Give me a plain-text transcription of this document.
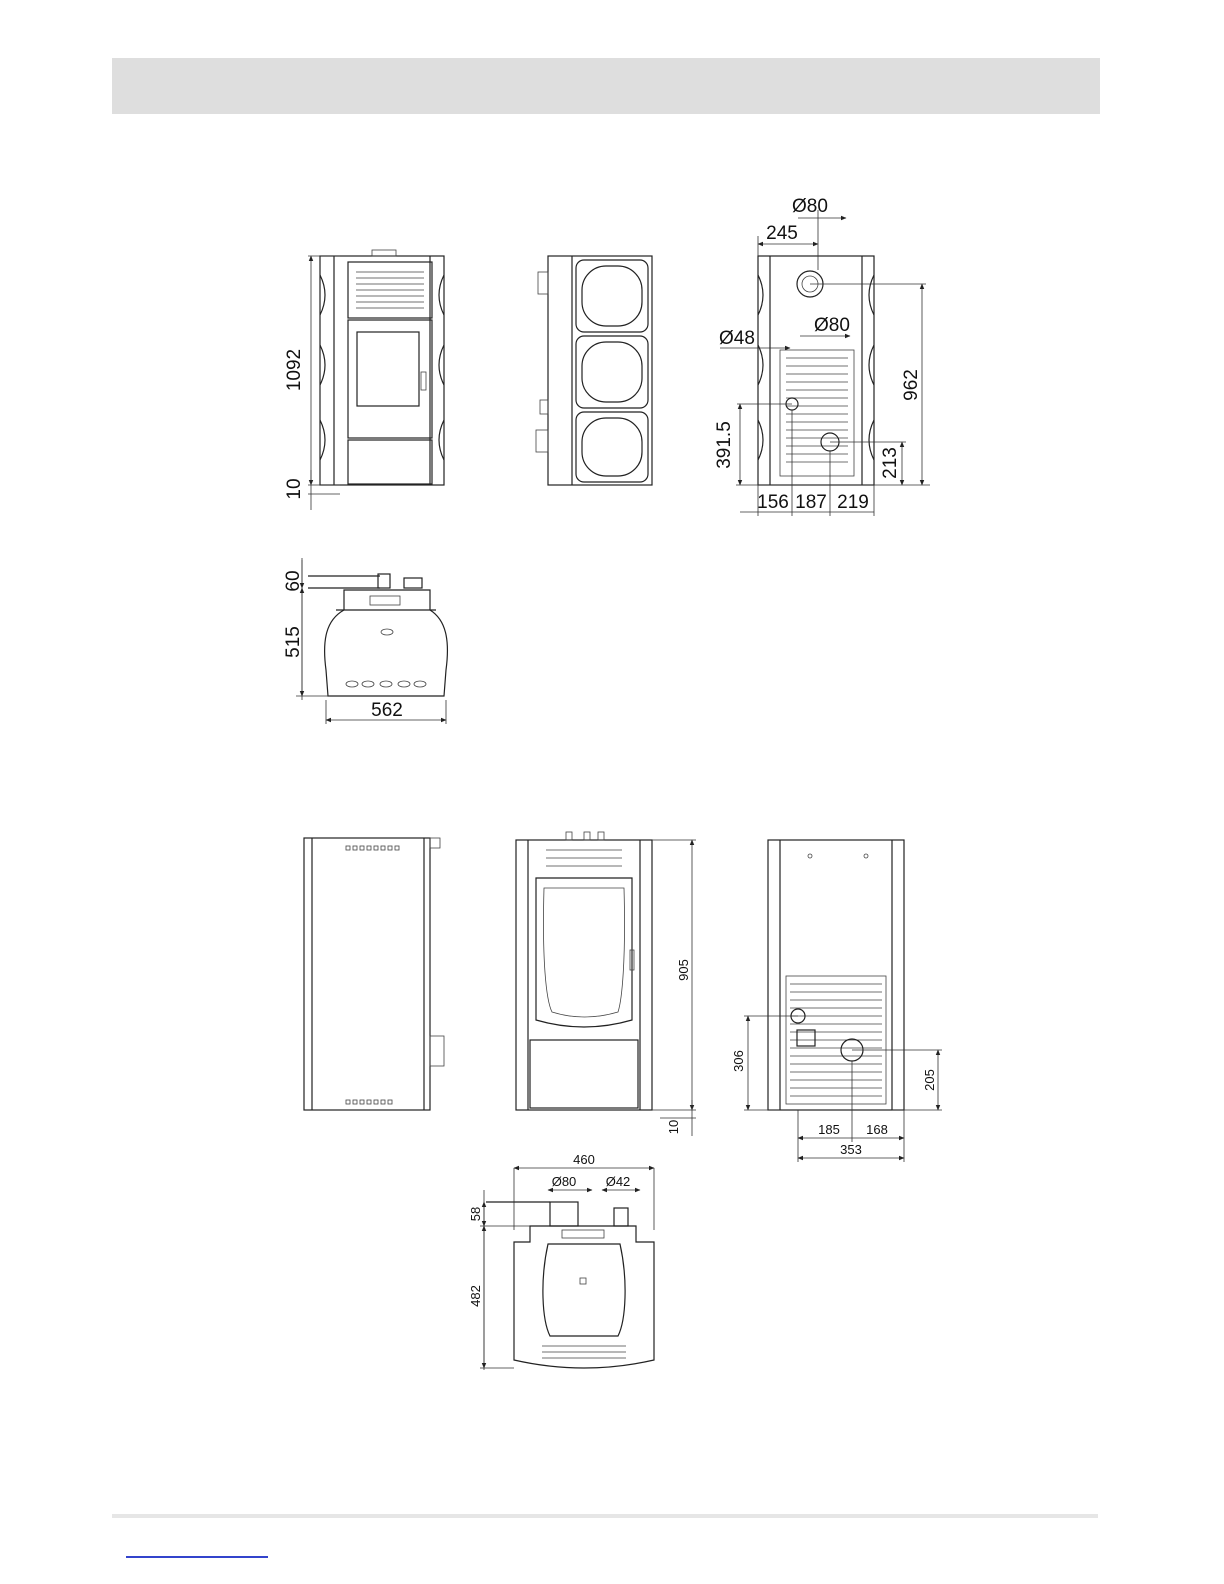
1092
10
Ø80
245
Ø80
Ø48
391.5
962
213
156 187 219
60
515
562
905
10
306
205
185 168
353
460
Ø80 Ø42
58
482
